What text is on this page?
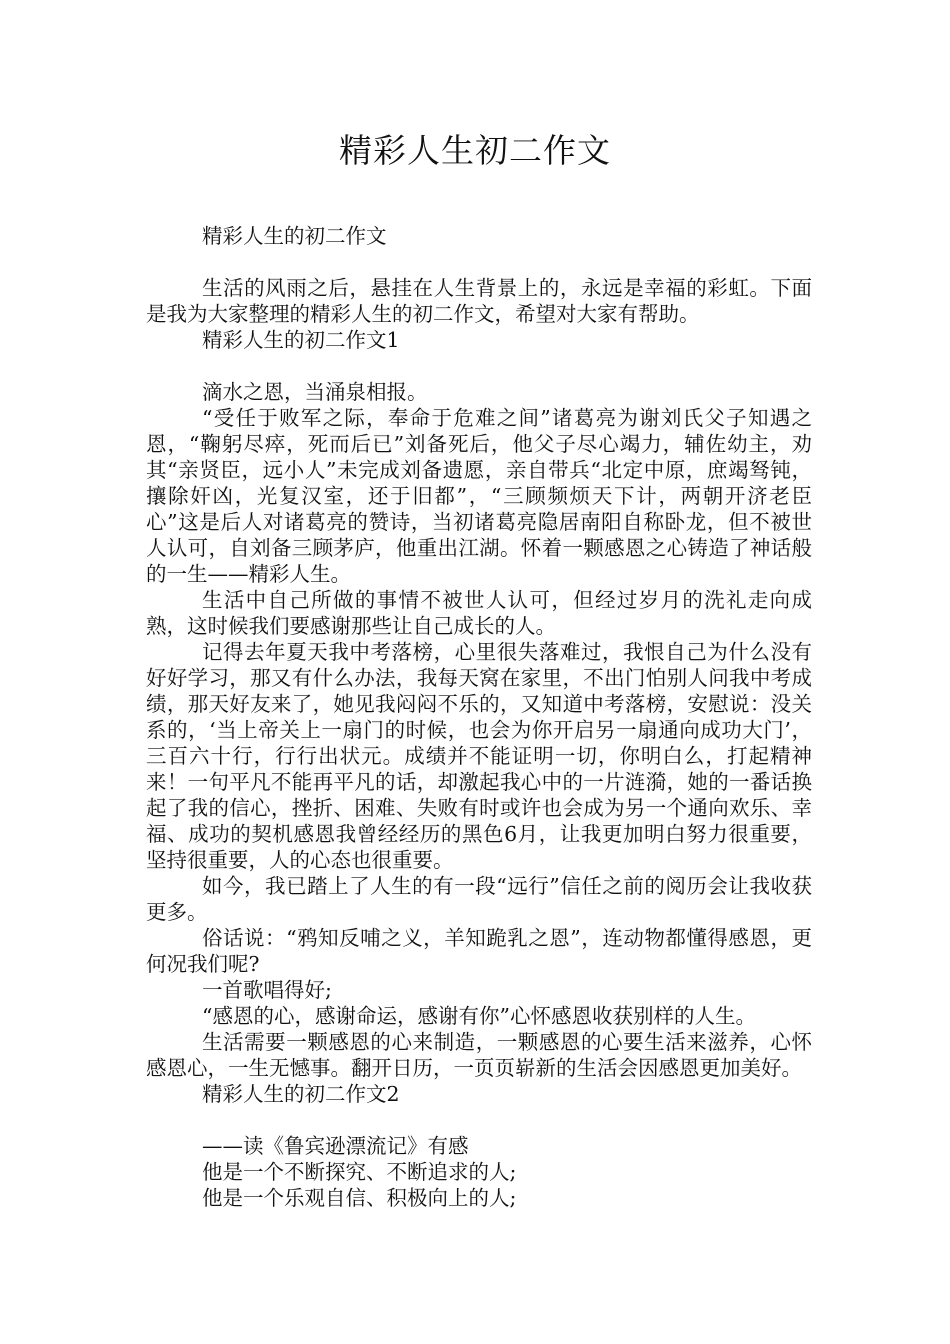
精彩人生初二作文

精彩人生的初二作文

生活的风雨之后，悬挂在人生背景上的，永远是幸福的彩虹。下面是我为大家整理的精彩人生的初二作文，希望对大家有帮助。

精彩人生的初二作文1

滴水之恩，当涌泉相报。

“受任于败军之际，奉命于危难之间”诸葛亮为谢刘氏父子知遇之恩，“鞠躬尽瘁，死而后已”刘备死后，他父子尽心竭力，辅佐幼主，劝其“亲贤臣，远小人”未完成刘备遗愿，亲自带兵“北定中原，庶竭驽钝，攘除奸凶，光复汉室，还于旧都”，“三顾频烦天下计，两朝开济老臣心”这是后人对诸葛亮的赞诗，当初诸葛亮隐居南阳自称卧龙，但不被世人认可，自刘备三顾茅庐，他重出江湖。怀着一颗感恩之心铸造了神话般的一生——精彩人生。

生活中自己所做的事情不被世人认可，但经过岁月的洗礼走向成熟，这时候我们要感谢那些让自己成长的人。

记得去年夏天我中考落榜，心里很失落难过，我恨自己为什么没有好好学习，那又有什么办法，我每天窝在家里，不出门怕别人问我中考成绩，那天好友来了，她见我闷闷不乐的，又知道中考落榜，安慰说：没关系的，‘当上帝关上一扇门的时候，也会为你开启另一扇通向成功大门’，三百六十行，行行出状元。成绩并不能证明一切，你明白么，打起精神来！一句平凡不能再平凡的话，却激起我心中的一片涟漪，她的一番话换起了我的信心，挫折、困难、失败有时或许也会成为另一个通向欢乐、幸福、成功的契机感恩我曾经经历的黑色6月，让我更加明白努力很重要，坚持很重要，人的心态也很重要。

如今，我已踏上了人生的有一段“远行”信任之前的阅历会让我收获更多。

俗话说：“鸦知反哺之义，羊知跪乳之恩”，连动物都懂得感恩，更何况我们呢?

一首歌唱得好;

“感恩的心，感谢命运，感谢有你”心怀感恩收获别样的人生。

生活需要一颗感恩的心来制造，一颗感恩的心要生活来滋养，心怀感恩心，一生无憾事。翻开日历，一页页崭新的生活会因感恩更加美好。

精彩人生的初二作文2

——读《鲁宾逊漂流记》有感

他是一个不断探究、不断追求的人;

他是一个乐观自信、积极向上的人;
